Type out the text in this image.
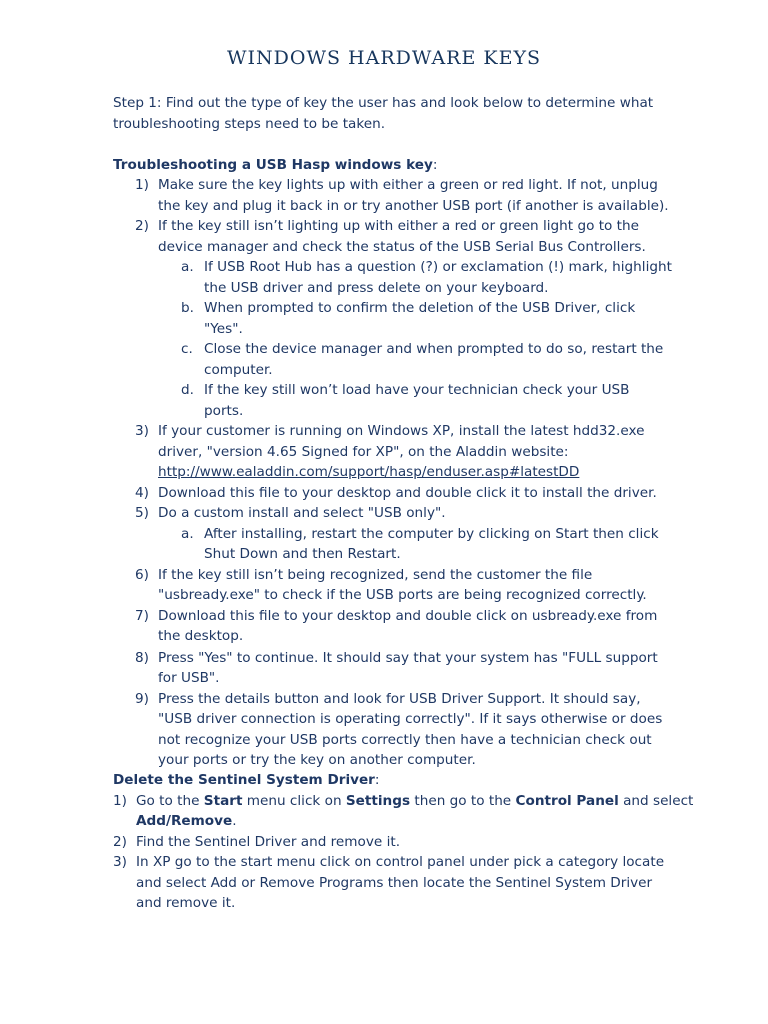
WINDOWS HARDWARE KEYS
Step 1: Find out the type of key the user has and look below to determine what
troubleshooting steps need to be taken.
Troubleshooting a USB Hasp windows key:
1) Make sure the key lights up with either a green or red light. If not, unplug
the key and plug it back in or try another USB port (if another is available).
2) If the key still isn’t lighting up with either a red or green light go to the
device manager and check the status of the USB Serial Bus Controllers.
a. If USB Root Hub has a question (?) or exclamation (!) mark, highlight
the USB driver and press delete on your keyboard.
b. When prompted to confirm the deletion of the USB Driver, click
"Yes".
c. Close the device manager and when prompted to do so, restart the
computer.
d. If the key still won’t load have your technician check your USB
ports.
3) If your customer is running on Windows XP, install the latest hdd32.exe
driver, "version 4.65 Signed for XP", on the Aladdin website:
http://www.ealaddin.com/support/hasp/enduser.asp#latestDD
4) Download this file to your desktop and double click it to install the driver.
5) Do a custom install and select "USB only".
a. After installing, restart the computer by clicking on Start then click
Shut Down and then Restart.
6) If the key still isn’t being recognized, send the customer the file
"usbready.exe" to check if the USB ports are being recognized correctly.
7) Download this file to your desktop and double click on usbready.exe from
the desktop.
8) Press "Yes" to continue. It should say that your system has "FULL support
for USB".
9) Press the details button and look for USB Driver Support. It should say,
"USB driver connection is operating correctly". If it says otherwise or does
not recognize your USB ports correctly then have a technician check out
your ports or try the key on another computer.
Delete the Sentinel System Driver:
1) Go to the Start menu click on Settings then go to the Control Panel and select
Add/Remove.
2) Find the Sentinel Driver and remove it.
3) In XP go to the start menu click on control panel under pick a category locate
and select Add or Remove Programs then locate the Sentinel System Driver
and remove it.
